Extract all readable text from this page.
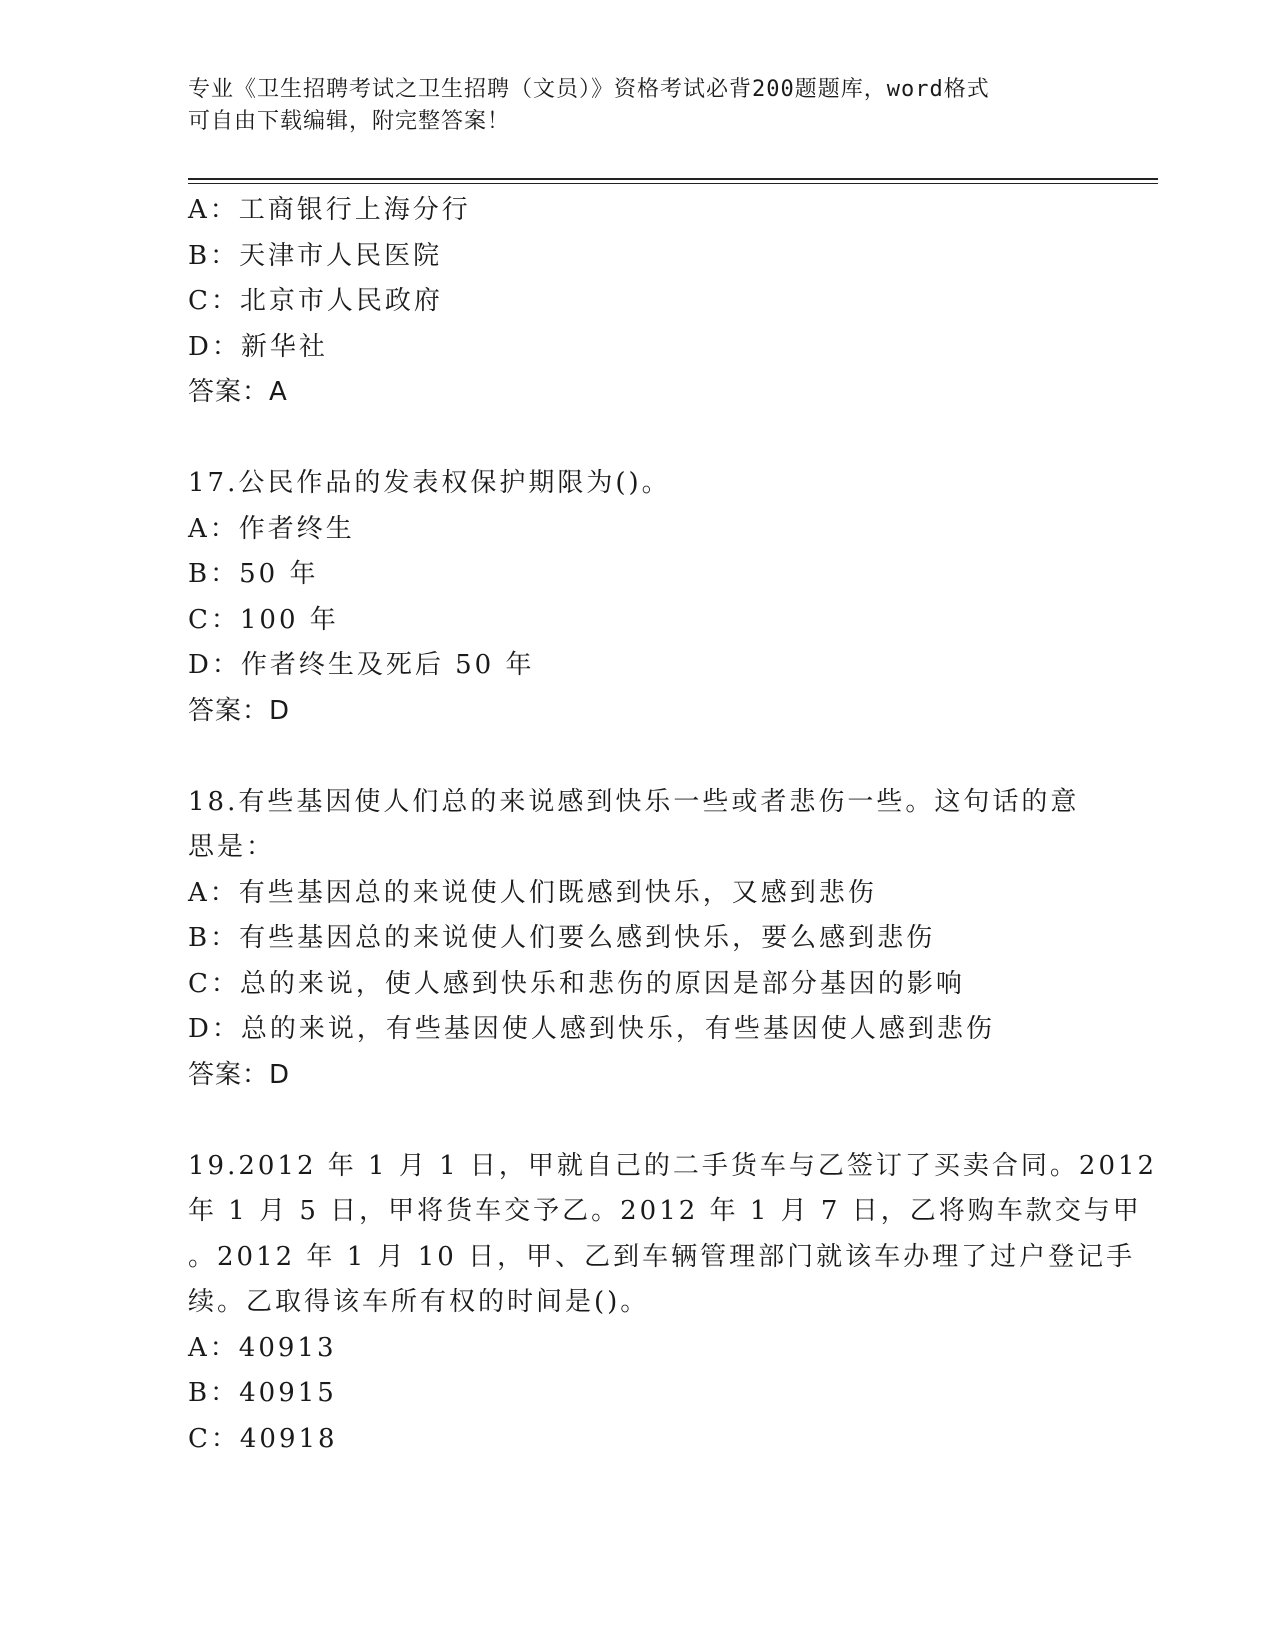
专业《卫生招聘考试之卫生招聘（文员）》资格考试必背200题题库，word格式
可自由下载编辑，附完整答案！
A：工商银行上海分行
B：天津市人民医院
C：北京市人民政府
D：新华社
答案：A
17.公民作品的发表权保护期限为()。
A：作者终生
B：50 年
C：100 年
D：作者终生及死后 50 年
答案：D
18.有些基因使人们总的来说感到快乐一些或者悲伤一些。这句话的意
思是：
A：有些基因总的来说使人们既感到快乐，又感到悲伤
B：有些基因总的来说使人们要么感到快乐，要么感到悲伤
C：总的来说，使人感到快乐和悲伤的原因是部分基因的影响
D：总的来说，有些基因使人感到快乐，有些基因使人感到悲伤
答案：D
19.2012 年 1 月 1 日，甲就自己的二手货车与乙签订了买卖合同。2012
年 1 月 5 日，甲将货车交予乙。2012 年 1 月 7 日，乙将购车款交与甲
。2012 年 1 月 10 日，甲、乙到车辆管理部门就该车办理了过户登记手
续。乙取得该车所有权的时间是()。
A：40913
B：40915
C：40918
